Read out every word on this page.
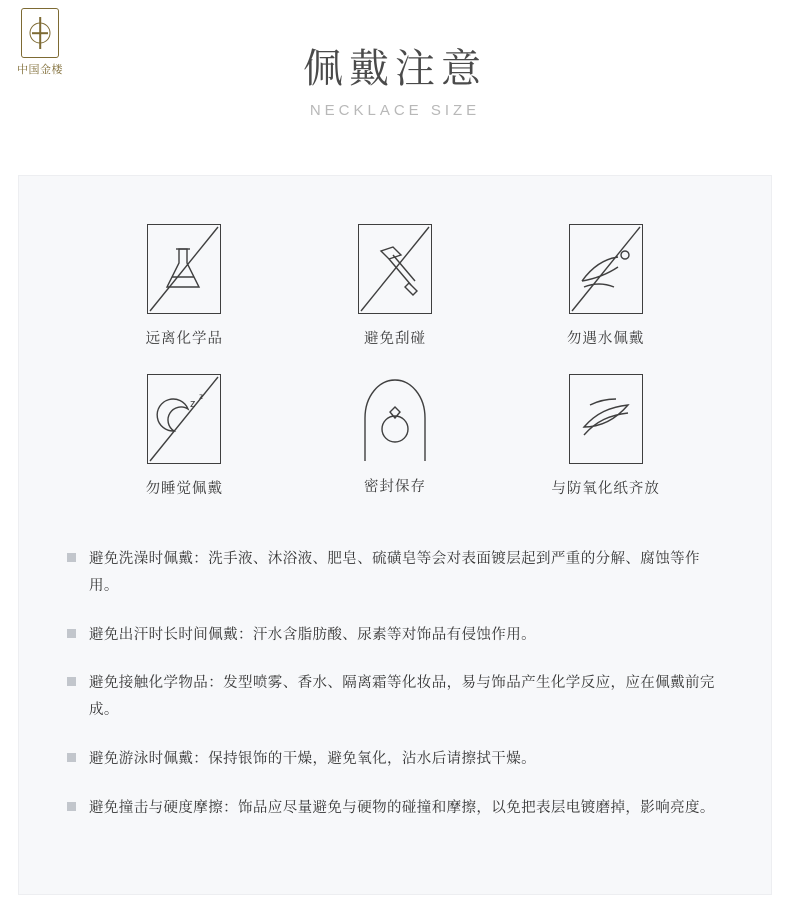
中国金楼	佩戴注意
NECKLACE SIZE
远离化学品	避免刮碰	勿遇水佩戴
z
z
勿睡觉佩戴	密封保存	与防氧化纸齐放
避免洗澡时佩戴：洗手液、沐浴液、肥皂、硫磺皂等会对表面镀层起到严重的分解、腐蚀等作用。
避免出汗时长时间佩戴：汗水含脂肪酸、尿素等对饰品有侵蚀作用。
避免接触化学物品：发型喷雾、香水、隔离霜等化妆品，易与饰品产生化学反应，应在佩戴前完成。
避免游泳时佩戴：保持银饰的干燥，避免氧化，沾水后请擦拭干燥。
避免撞击与硬度摩擦：饰品应尽量避免与硬物的碰撞和摩擦，以免把表层电镀磨掉，影响亮度。
